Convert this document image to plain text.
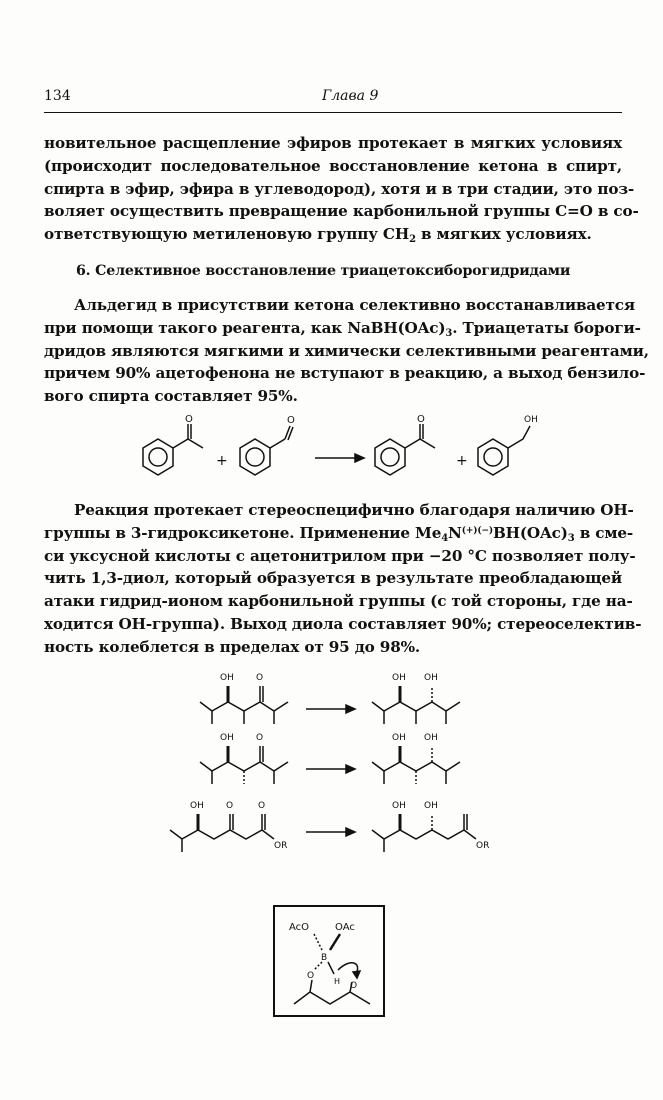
134	Глава 9
новительное расщепление эфиров протекает в мягких условиях
(происходит последовательное восстановление кетона в спирт,
спирта в эфир, эфира в углеводород), хотя и в три стадии, это поз-
воляет осуществить превращение карбонильной группы C=O в со-
ответствующую метиленовую группу $CH_2$ в мягких условиях.
6. Селективное восстановление триацетоксиборогидридами
Альдегид в присутствии кетона селективно восстанавливается
при помощи такого реагента, как $NaBH(OAc)_3$. Триацетаты бороги-
дридов являются мягкими и химически селективными реагентами,
причем 90% ацетофенона не вступают в реакцию, а выход бензило-
вого спирта составляет 95%.
O
+
O	O
+
OH
Реакция протекает стереоспецифично благодаря наличию OH-
группы в 3-гидроксикетоне. Применение $Me_4N^{(+)(-)}BH(OAc)_3$ в сме-
си уксусной кислоты с ацетонитрилом при −20 °C позволяет полу-
чить 1,3-диол, который образуется в результате преобладающей
атаки гидрид-ионом карбонильной группы (с той стороны, где на-
ходится OH-группа). Выход диола составляет 90%; стереоселектив-
ность колеблется в пределах от 95 до 98%.
OH O	OH OH
OH O	OH OH
OH O	O
OR
OH OH
OR
AcO	OAc
B
O
H O
